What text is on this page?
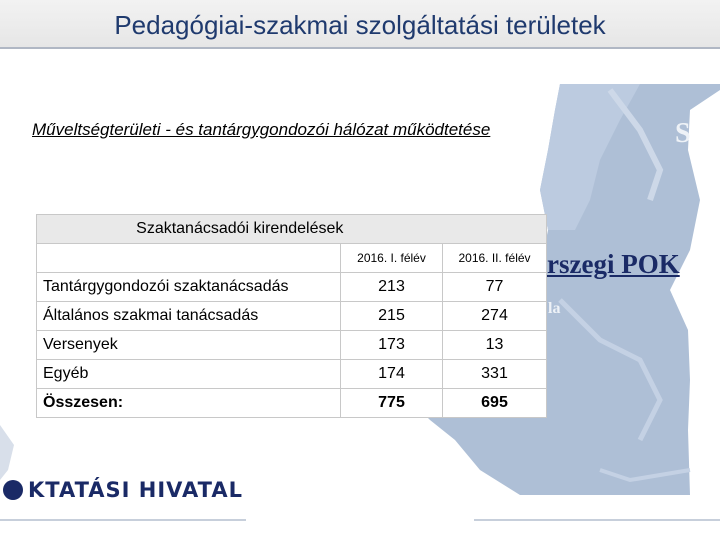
Pedagógiai-szakmai szolgáltatási területek
S
la
Műveltségterületi - és tantárgygondozói hálózat működtetése
rszegi POK
Szaktanácsadói kirendelések		
	2016. I. félév	2016. II. félév
Tantárgygondozói szaktanácsadás	213	77
Általános szakmai tanácsadás	215	274
Versenyek	173	13
Egyéb	174	331
Összesen:	775	695
KTATÁSI HIVATAL
